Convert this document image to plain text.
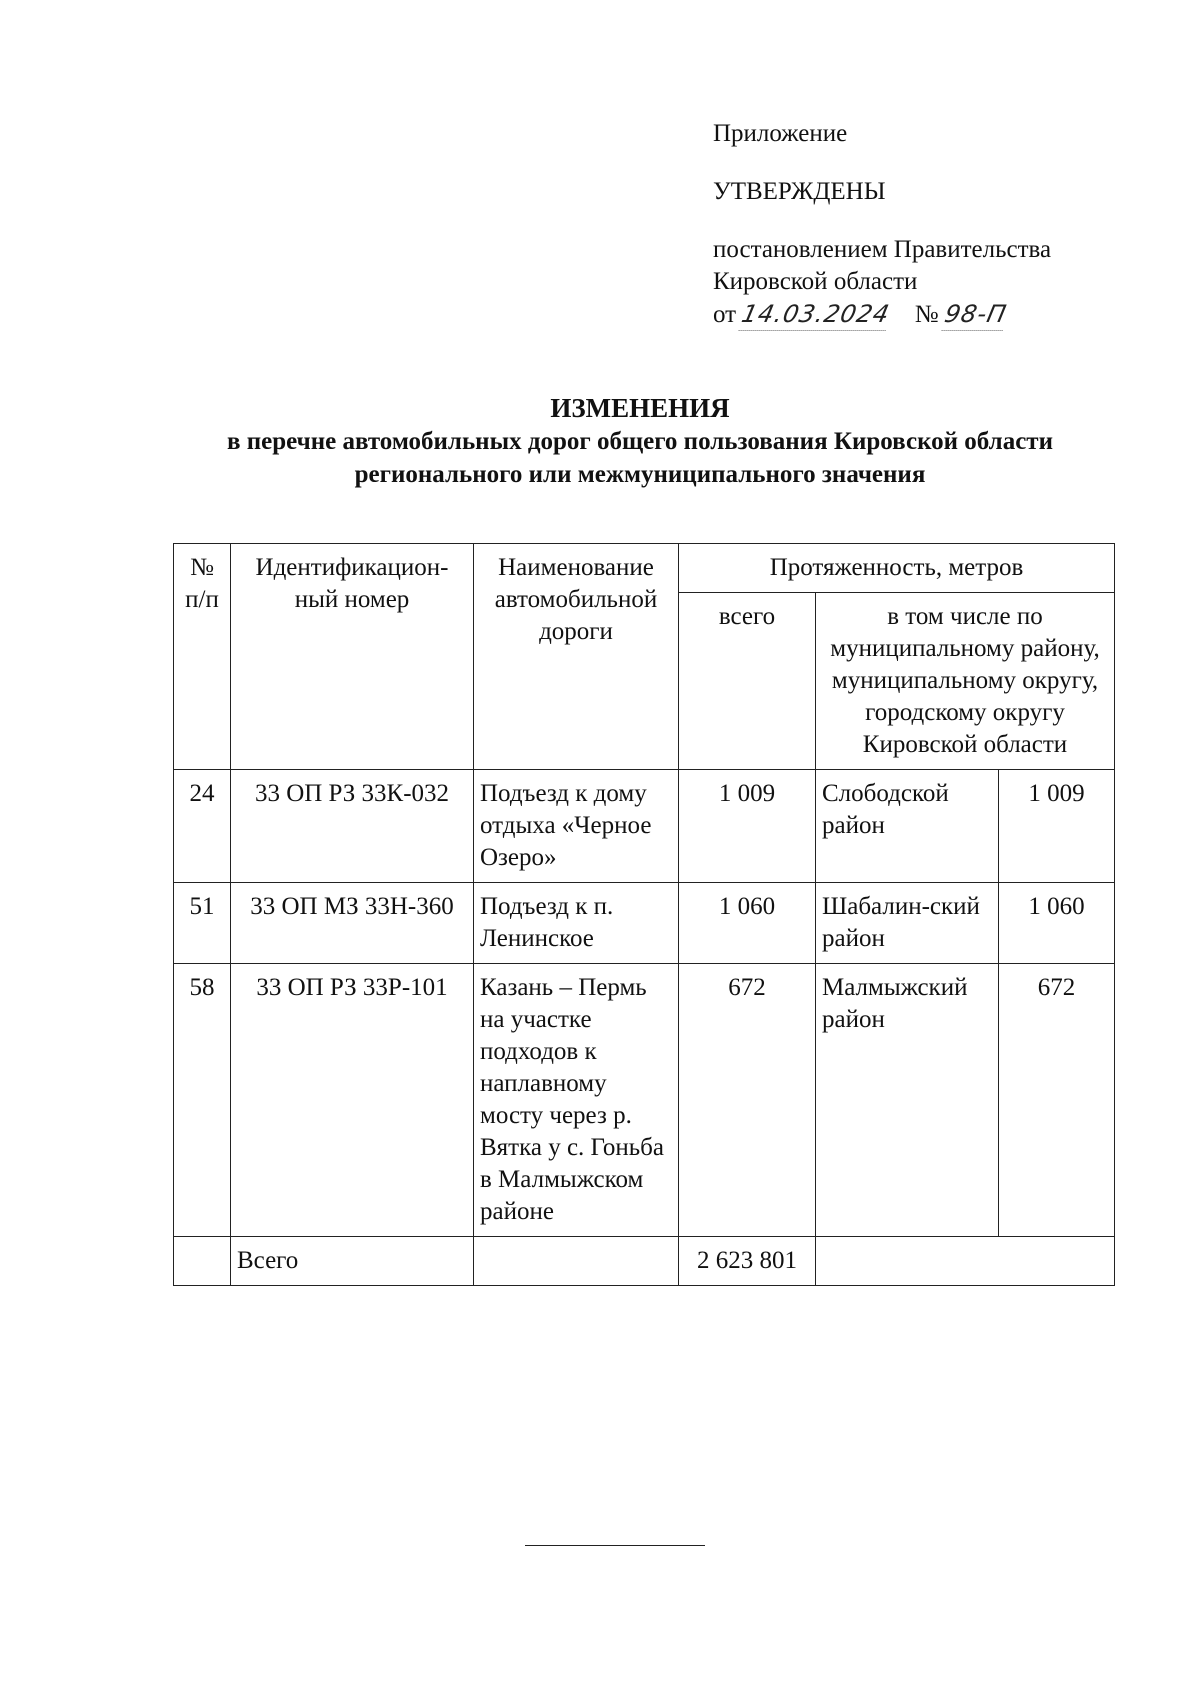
Приложение
УТВЕРЖДЕНЫ
постановлением Правительства
Кировской области
от 14.03.2024 № 98-П
ИЗМЕНЕНИЯ
в перечне автомобильных дорог общего пользования Кировской области
регионального или межмуниципального значения
№ п/п	Идентификацион-ный номер	Наименование автомобильной дороги	Протяженность, метров		
			всего	в том числе по муниципальному району, муниципальному округу, городскому округу Кировской области	
24	33 ОП РЗ 33К-032	Подъезд к дому отдыха «Черное Озеро»	1 009	Слободской район	1 009
51	33 ОП МЗ 33Н-360	Подъезд к п. Ленинское	1 060	Шабалин-ский район	1 060
58	33 ОП РЗ 33Р-101	Казань – Пермь на участке подходов к наплавному мосту через р. Вятка у с. Гоньба в Малмыжском районе	672	Малмыжский район	672
	Всего		2 623 801		
